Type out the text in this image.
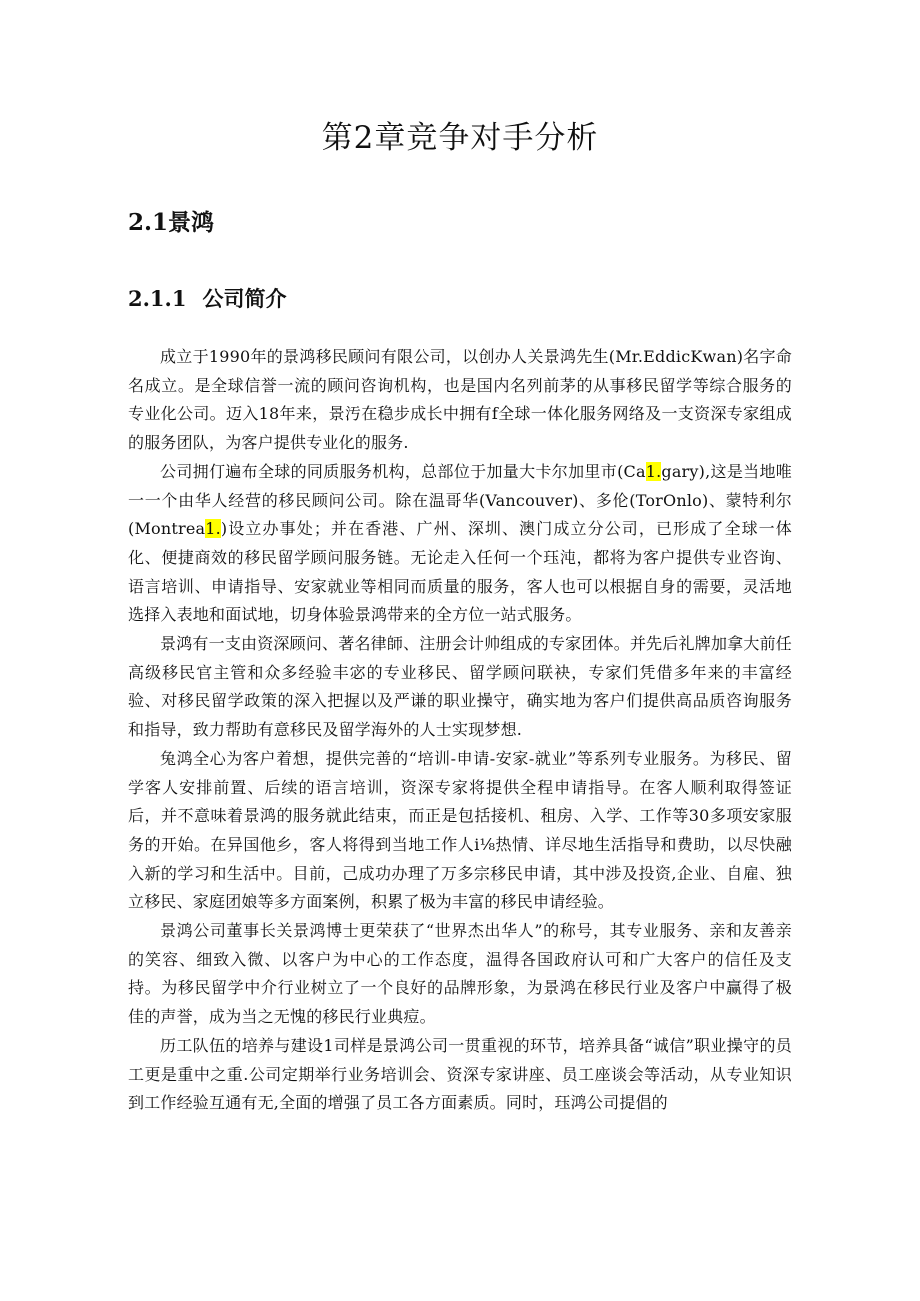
第2章竞争对手分析
2.1景鸿
2.1.1 公司简介

成立于1990年的景鸿移民顾问有限公司，以创办人关景鸿先生(Mr.EddicKwan)名字命名成立。是全球信誉一流的顾问咨询机构，也是国内名列前茅的从事移民留学等综合服务的专业化公司。迈入18年来，景汚在稳步成长中拥有f全球一体化服务网络及一支资深专家组成的服务团队，为客户提供专业化的服务.

公司拥仃遍布全球的同质服务机构，总部位于加量大卡尔加里市(Ca1.gary),这是当地唯一一个由华人经营的移民顾问公司。除在温哥华(Vancouver)、多伦(TorOnlo)、蒙特利尔(Montrea1.)设立办事处；并在香港、广州、深圳、澳门成立分公司，已形成了全球一体化、便捷商效的移民留学顾问服务链。无论走入任何一个珏沌，都将为客户提供专业咨询、语言培训、申请指导、安家就业等相同而质量的服务，客人也可以根据自身的需要，灵活地选择入表地和面试地，切身体验景鸿带来的全方位一站式服务。

景鸿有一支由资深顾问、著名律師、注册会计帅组成的专家团体。并先后礼牌加拿大前任高级移民官主管和众多经验丰宓的专业移民、留学顾问联袂，专家们凭借多年来的丰富经验、对移民留学政策的深入把握以及严谦的职业操守，确实地为客户们提供高品质咨询服务和指导，致力帮助有意移民及留学海外的人士实现梦想.

兔鸿全心为客户着想，提供完善的“培训-申请-安家-就业”等系列专业服务。为移民、留学客人安排前置、后续的语言培训，资深专家将提供全程申请指导。在客人顺利取得签证后，并不意味着景鸿的服务就此结束，而正是包括接机、租房、入学、工作等30多项安家服务的开始。在异国他乡，客人将得到当地工作人i⅛热情、详尽地生活指导和费助，以尽快融入新的学习和生活中。目前，己成功办理了万多宗移民申请，其中涉及投资,企业、自雇、独立移民、家庭团娘等多方面案例，积累了极为丰富的移民申请经验。

景鸿公司董事长关景鸿博士更荣获了“世界杰出华人”的称号，其专业服务、亲和友善亲的笑容、细致入微、以客户为中心的工作态度，温得各国政府认可和广大客户的信任及支持。为移民留学中介行业树立了一个良好的品牌形象，为景鸿在移民行业及客户中赢得了极佳的声誉，成为当之无愧的移民行业典痘。

历工队伍的培养与建设1司样是景鸿公司一贯重视的环节，培养具备“诚信”职业操守的员工更是重中之重.公司定期举行业务培训会、资深专家讲座、员工座谈会等活动，从专业知识到工作经验互通有无,全面的增强了员工各方面素质。同时，珏鸿公司提倡的
